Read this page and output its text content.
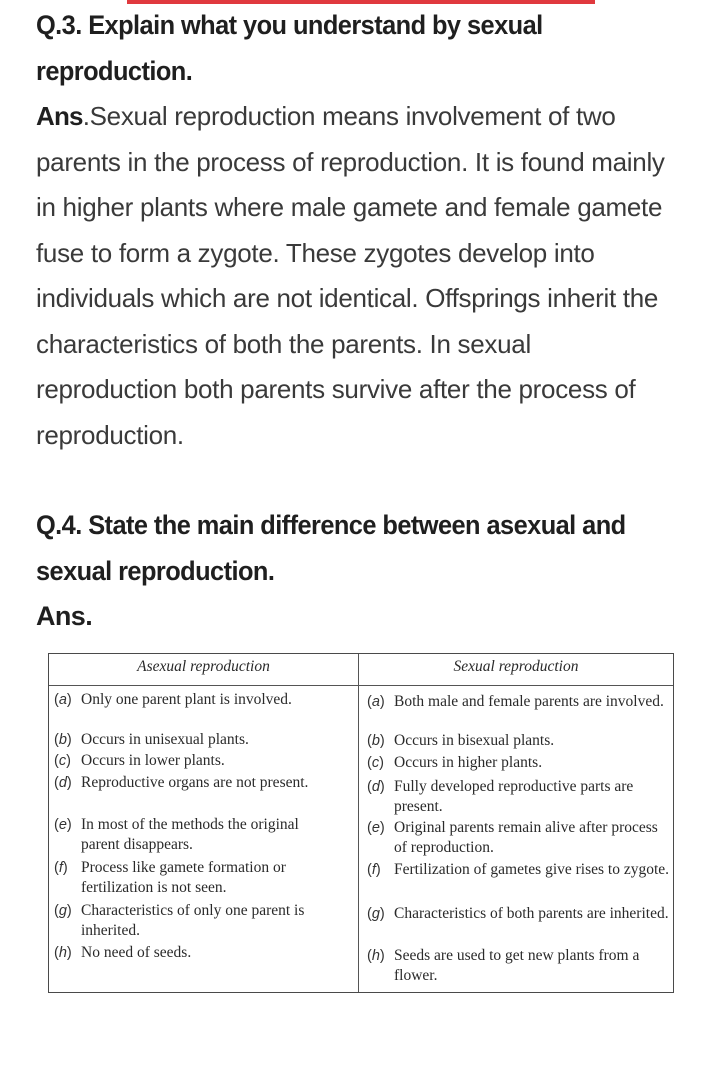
Q.3. Explain what you understand by sexual reproduction.
Ans.Sexual reproduction means involvement of two parents in the process of reproduction. It is found mainly in higher plants where male gamete and female gamete fuse to form a zygote. These zygotes develop into individuals which are not identical. Offsprings inherit the characteristics of both the parents. In sexual reproduction both parents survive after the process of reproduction.
Q.4. State the main difference between asexual and sexual reproduction.
Ans.
Asexual reproduction	Sexual reproduction
(a) Only one parent plant is involved.
(b) Occurs in unisexual plants.
(c) Occurs in lower plants.
(d) Reproductive organs are not present.
(e) In most of the methods the original parent disappears.
(f) Process like gamete formation or fertilization is not seen.
(g) Characteristics of only one parent is inherited.
(h) No need of seeds.
(a) Both male and female parents are involved.
(b) Occurs in bisexual plants.
(c) Occurs in higher plants.
(d) Fully developed reproductive parts are present.
(e) Original parents remain alive after process of reproduction.
(f) Fertilization of gametes give rises to zygote.
(g) Characteristics of both parents are inherited.
(h) Seeds are used to get new plants from a flower.
